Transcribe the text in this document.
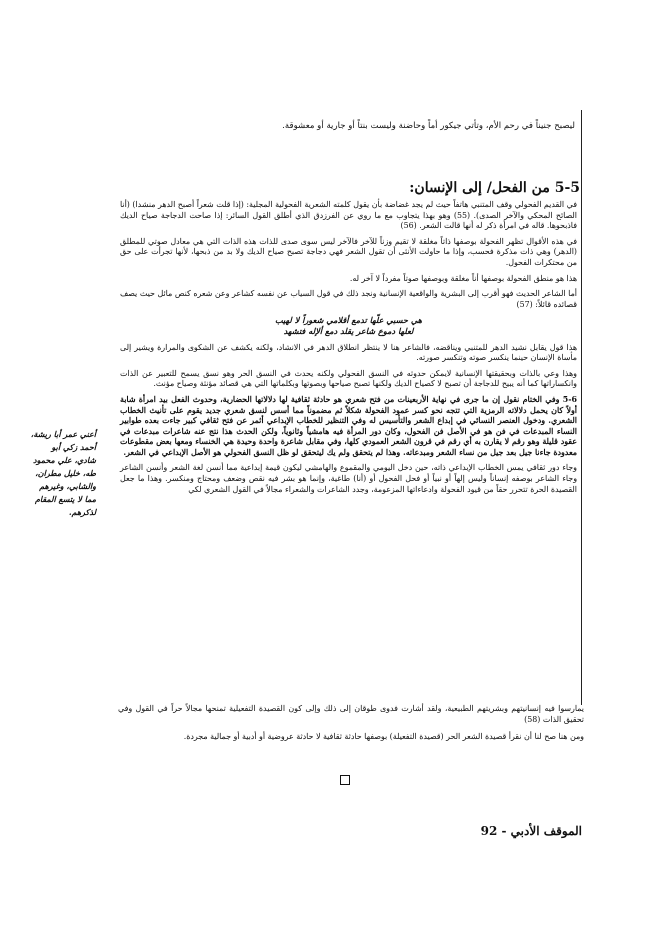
ليصبح جنيناً في رحم الأم، وتأتي جيكور أماً وحاضنة وليست بنتاً أو جارية أو معشوقة.
5-5 من الفحل/ إلى الإنسان:

في القديم الفحولي وقف المتنبي هاتفاً حيث لم يجد غضاضة بأن يقول كلمته الشعرية الفحولية المجلية: (إذا قلت شعراً أصبح الدهر منشدا) (أنا الصائح المحكي والآخر الصدى). (55) وهو بهذا يتجاوب مع ما روي عن الفرزدق الذي أطلق القول السائر: إذا صاحت الدجاجة صياح الديك فاذبحوها. قاله في امرأة ذكر له أنها قالت الشعر. (56)

في هذه الأقوال تظهر الفحولة بوصفها ذاتاً مغلقة لا تقيم وزناً للآخر فالآخر ليس سوى صدى للذات هذه الذات التي هي معادل صوتي للمطلق (الدهر) وهي ذات مذكرة فحسب، وإذا ما حاولت الأنثى أن تقول الشعر فهي دجاجة تصبح صياح الديك ولا بد من ذبحها، لأنها تجرأت على حق من محتكرات الفحول.

هذا هو منطق الفحولة بوصفها أناً مغلقة وبوصفها صوتاً مفرداً لا آخر له.

أما الشاعر الحديث فهو أقرب إلى البشرية والواقعية الإنسانية ونجد ذلك في قول السياب عن نفسه كشاعر وعن شعره كنص مائل حيث يصف قصائده قائلاً: (57)

هي حسبي علّها تدمع أقلامي شعوراً لا لهيب
لعلها دموع شاعر يقلد دمع ألإله فتشهد

هذا قول يقابل نشيد الدهر للمتنبي ويناقضه، فالشاعر هنا لا ينتظر انطلاق الدهر في الانشاد، ولكنه يكشف عن الشكوى والمرارة ويشير إلى مأساة الإنسان حينما ينكسر صوته وتنكسر صورته.

وهذا وعي بالذات وبحقيقتها الإنسانية لايمكن حدوثه في النسق الفحولي ولكنه يحدث في النسق الحر وهو نسق يسمح للتعبير عن الذات وانكساراتها كما أنه يبيح للدجاجة أن تصبح لا كصياح الديك ولكنها تصبح صياحها وبصوتها وبكلماتها التي هي قصائد مؤنثة وصياح مؤنث.

5-6 وفي الختام نقول إن ما جرى في نهاية الأربعينات من فتح شعري هو حادثة ثقافية لها دلالاتها الحضارية، وحدوث الفعل بيد امرأة شابة أولاً كان يحمل دلالاته الرمزية التي تتجه نحو كسر عمود الفحولة شكلاً ثم مضموناً مما أسس لنسق شعري جديد يقوم على تأنيث الخطاب الشعري. ودخول العنصر النسائي في إبداع الشعر والتأسيس له وفي التنظير للخطاب الإبداعي أثمر عن فتح ثقافي كبير جاءت بعده طوابير النساء المبدعات في فن هو في الأصل فن الفحول، وكان دور المرأة فيه هامشياً وثانوياً، ولكن الحدث هذا نتج عنه شاعرات مبدعات في عقود قليلة وهو رقم لا يقارن به أي رقم في قرون الشعر العمودي كلها، وفي مقابل شاعرة واحدة وحيدة هي الخنساء ومعها بعض مقطوعات معدودة جاءنا جيل بعد جيل من نساء الشعر ومبدعاته. وهذا لم يتحقق ولم يك ليتحقق لو ظل النسق الفحولي هو الأصل الإبداعي في الشعر.

وجاء دور ثقافي يمس الخطاب الإبداعي ذاته، حين دخل اليومي والمقموع والهامشي ليكون قيمة إبداعية مما أنسن لغة الشعر وأنسن الشاعر وجاء الشاعر بوصفه إنساناً وليس إلهاً أو نبياً أو فحل الفحول أو (أنا) طاغية، وإنما هو بشر فيه نقص وضعف ومحتاج ومنكسر. وهذا ما جعل القصيدة الحرة تتحرر حقاً من قيود الفحولة وادعاءاتها المزعومة، وجدد الشاعرات والشعراء مجالاً في القول الشعري لكي

أعني عمر أبا ريشة، أحمد زكي أبو شادي، علي محمود طه، خليل مطران، والشابي، وغيرهم مما لا يتسع المقام لذكرهم.

يمارسوا فيه إنسانيتهم وبشريتهم الطبيعية، ولقد أشارت فدوى طوقان إلى ذلك وإلى كون القصيدة التفعيلية تمنحها مجالاً حراً في القول وفي تحقيق الذات (58)

ومن هنا صح لنا أن نقرأ قصيدة الشعر الحر (قصيدة التفعيلة) بوصفها حادثة ثقافية لا حادثة عروضية أو أدبية أو جمالية مجردة.

الموقف الأدبي - 92
